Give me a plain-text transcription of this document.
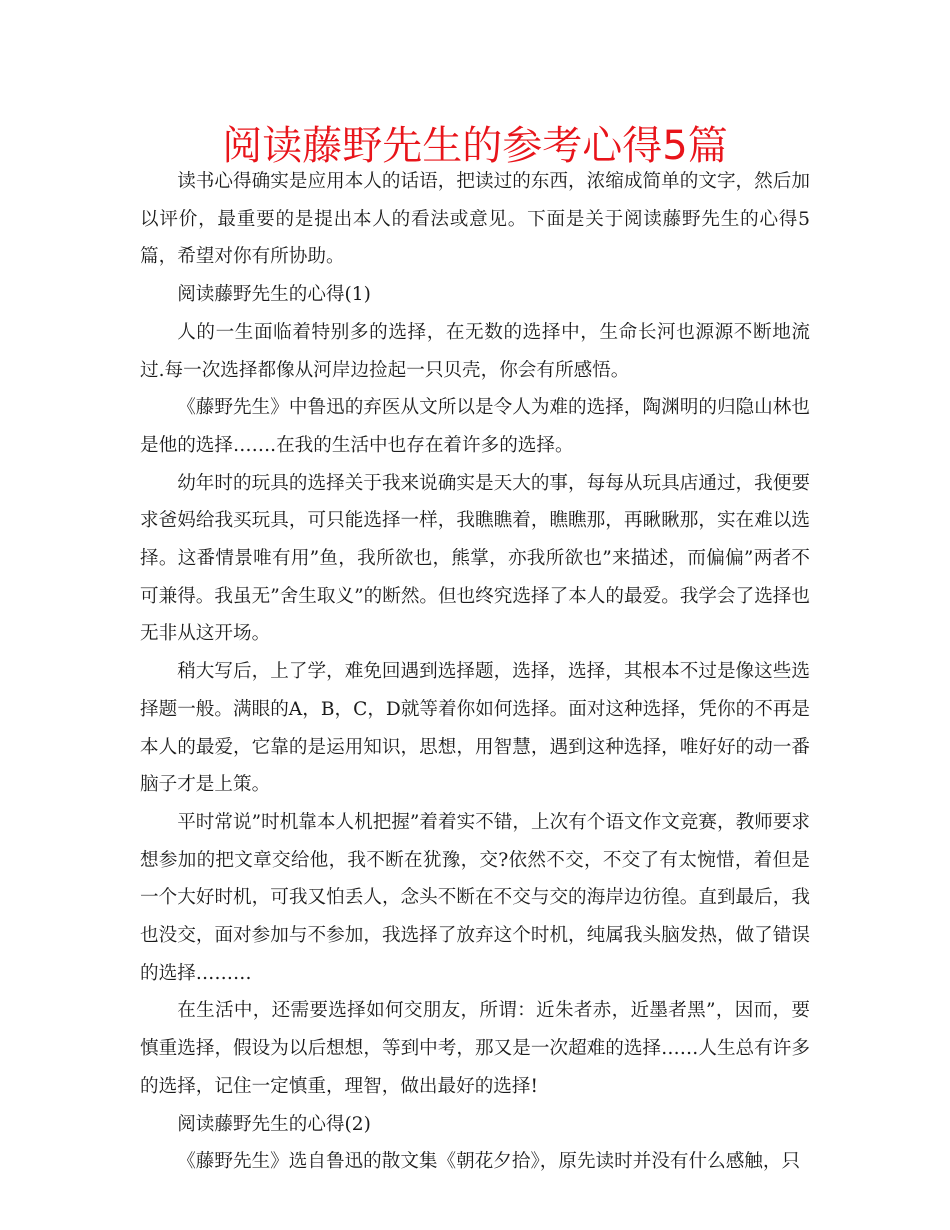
阅读藤野先生的参考心得5篇

读书心得确实是应用本人的话语，把读过的东西，浓缩成简单的文字，然后加以评价，最重要的是提出本人的看法或意见。下面是关于阅读藤野先生的心得5篇，希望对你有所协助。

阅读藤野先生的心得(1)

人的一生面临着特别多的选择，在无数的选择中，生命长河也源源不断地流过.每一次选择都像从河岸边捡起一只贝壳，你会有所感悟。

《藤野先生》中鲁迅的弃医从文所以是令人为难的选择，陶渊明的归隐山林也是他的选择…….在我的生活中也存在着许多的选择。

幼年时的玩具的选择关于我来说确实是天大的事，每每从玩具店通过，我便要求爸妈给我买玩具，可只能选择一样，我瞧瞧着，瞧瞧那，再瞅瞅那，实在难以选择。这番情景唯有用”鱼，我所欲也，熊掌，亦我所欲也”来描述，而偏偏”两者不可兼得。我虽无”舍生取义”的断然。但也终究选择了本人的最爱。我学会了选择也无非从这开场。

稍大写后，上了学，难免回遇到选择题，选择，选择，其根本不过是像这些选择题一般。满眼的A，B，C，D就等着你如何选择。面对这种选择，凭你的不再是本人的最爱，它靠的是运用知识，思想，用智慧，遇到这种选择，唯好好的动一番脑子才是上策。

平时常说”时机靠本人机把握”着着实不错，上次有个语文作文竞赛，教师要求想参加的把文章交给他，我不断在犹豫，交?依然不交，不交了有太惋惜，着但是一个大好时机，可我又怕丢人，念头不断在不交与交的海岸边彷徨。直到最后，我也没交，面对参加与不参加，我选择了放弃这个时机，纯属我头脑发热，做了错误的选择………

在生活中，还需要选择如何交朋友，所谓：近朱者赤，近墨者黑”，因而，要慎重选择，假设为以后想想，等到中考，那又是一次超难的选择……人生总有许多的选择，记住一定慎重，理智，做出最好的选择!

阅读藤野先生的心得(2)

《藤野先生》选自鲁迅的散文集《朝花夕拾》，原先读时并没有什么感触，只
